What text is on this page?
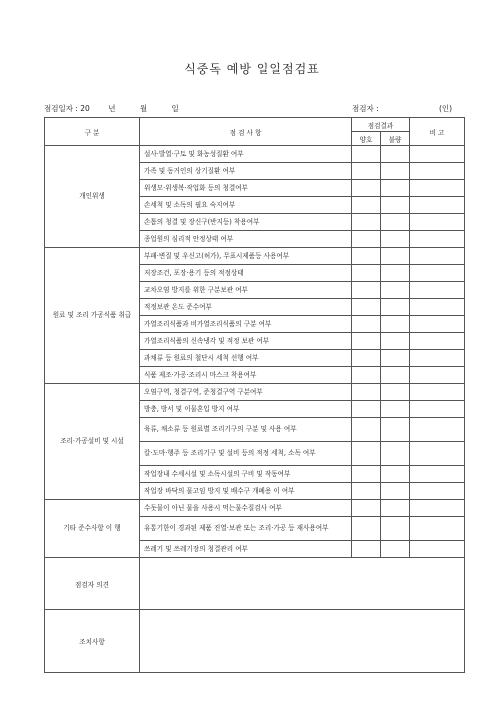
식중독 예방 일일점검표
점검일자 : 20 년	월	일	점검자 :	(인)
구 분	점 검 사 항	점검결과		비 고
		양호	불량	
개인위생	설사·발열·구토 및 화농성질환 여부			
	가족 및 동거인의 상기질환 여부			
	위생모·위생복·작업화 등의 청결여부			
	손세척 및 소독의 필요 숙지여부			
	손톱의 청결 및 장신구(반지등) 착용여부			
	종업원의 심리적 안정상태 여부			
원료 및 조리 가공식품 취급	부패·변질 및 우신고(허가), 무표시제품등 사용여부			
	저장조건, 포장·용기 등의 적정상태			
	교차오염 방지를 위한 구분보관 여부			
	적정보관 온도 준수여부			
	가열조리식품과 비가열조리식품의 구분 여부			
	가열조리식품의 신속냉각 및 적정 보관 여부			
	과채류 등 원료의 철단시 세척 선행 여부			
	식품 제조·가공·조리시 마스크 착용여부			
조리·가공설비 및 시설	오염구역, 청결구역, 준청결구역 구분여부			
	방충, 방서 및 이물혼입 방지 여부			
	육류, 채소류 등 원료별 조리기구의 구분 및 사용 여부			
	칼·도마·행주 등 조리기구 및 설비 등의 적정 세척, 소독 여부			
	작업장내 수세시설 및 소독시설의 구비 및 작동여부			
	작업장 바닥의 물고임 방지 및 배수구 개폐용 이 여부			
기타 준수사항 이 행	수돗물이 아닌 물을 사용시 먹는물수질검사 여부			
	유통기한이 경과된 제품 진열·보관 또는 조리·가공 등 재사용여부			
	쓰레기 및 쓰레기장의 청결관리 여부			
점검자 의견				
조치사항				
